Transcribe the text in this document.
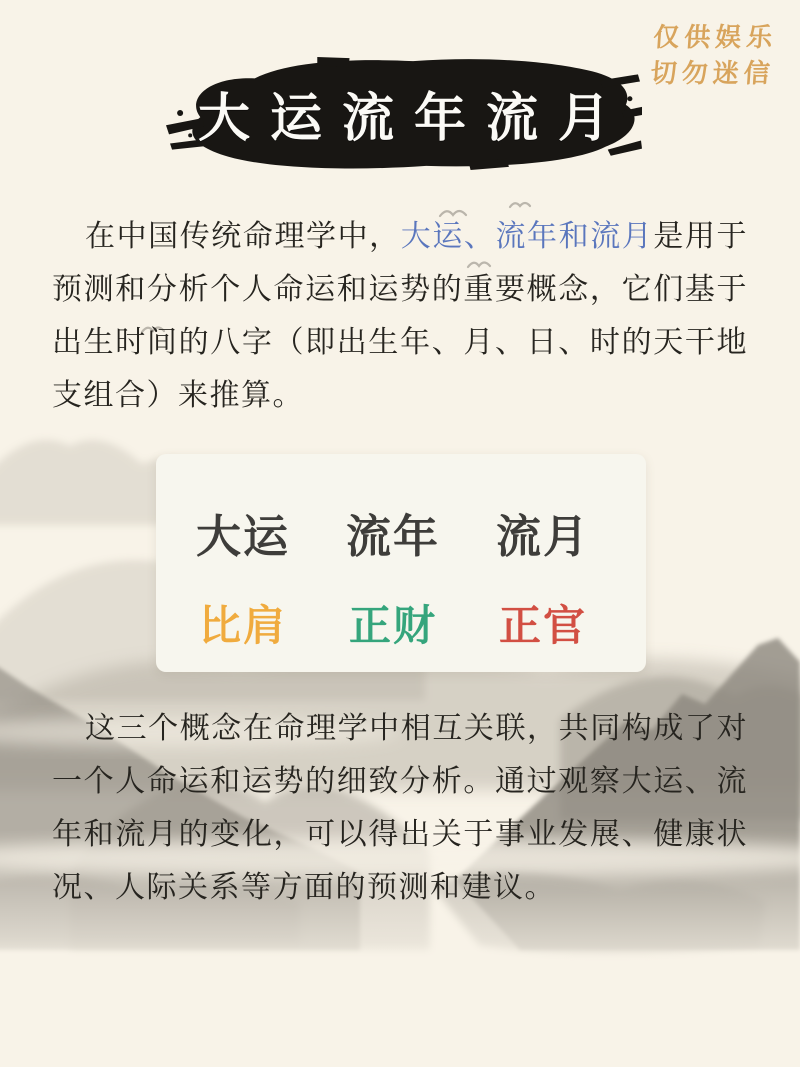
仅供娱乐
切勿迷信
大运流年流月

在中国传统命理学中，大运、流年和流月是用于预测和分析个人命运和运势的重要概念，它们基于出生时间的八字（即出生年、月、日、时的天干地支组合）来推算。

大运
比肩
流年
正财
流月
正官

这三个概念在命理学中相互关联，共同构成了对一个人命运和运势的细致分析。通过观察大运、流年和流月的变化，可以得出关于事业发展、健康状况、人际关系等方面的预测和建议。
